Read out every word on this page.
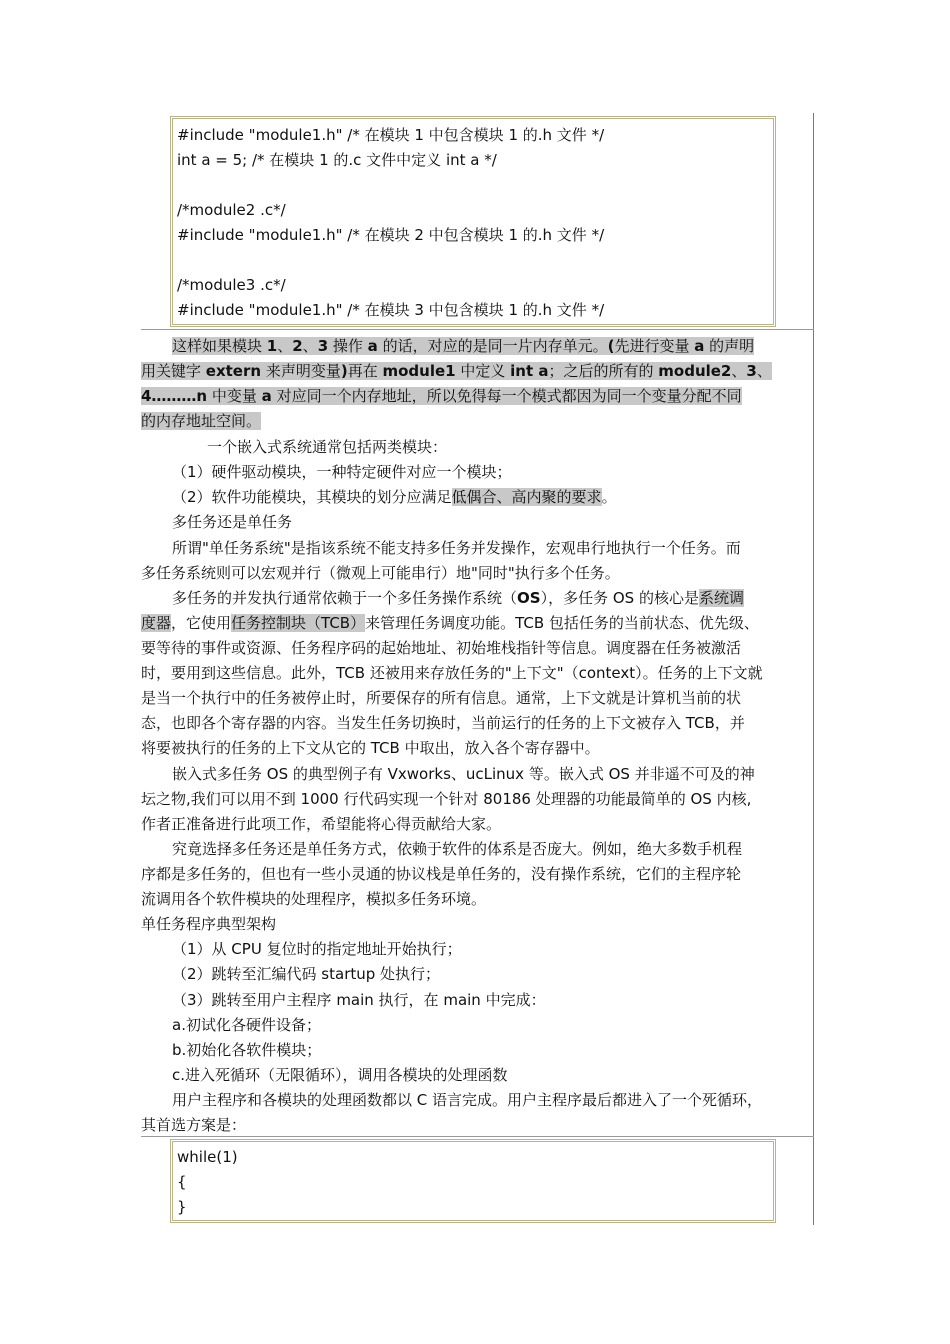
#include "module1.h" /* 在模块 1 中包含模块 1 的.h 文件 */
int a = 5; /* 在模块 1 的.c 文件中定义 int a */
/*module2 .c*/
#include "module1.h" /* 在模块 2 中包含模块 1 的.h 文件 */
/*module3 .c*/
#include "module1.h" /* 在模块 3 中包含模块 1 的.h 文件 */
这样如果模块 1、2、3 操作 a 的话，对应的是同一片内存单元。(先进行变量 a 的声明
用关键字 extern 来声明变量)再在 module1 中定义 int a；之后的所有的 module2、3、
4………n 中变量 a 对应同一个内存地址，所以免得每一个模式都因为同一个变量分配不同
的内存地址空间。
一个嵌入式系统通常包括两类模块：
（1）硬件驱动模块，一种特定硬件对应一个模块；
（2）软件功能模块，其模块的划分应满足低偶合、高内聚的要求。
多任务还是单任务
所谓"单任务系统"是指该系统不能支持多任务并发操作，宏观串行地执行一个任务。而
多任务系统则可以宏观并行（微观上可能串行）地"同时"执行多个任务。
多任务的并发执行通常依赖于一个多任务操作系统（OS），多任务 OS 的核心是系统调
度器，它使用任务控制块（TCB）来管理任务调度功能。TCB 包括任务的当前状态、优先级、
要等待的事件或资源、任务程序码的起始地址、初始堆栈指针等信息。调度器在任务被激活
时，要用到这些信息。此外，TCB 还被用来存放任务的"上下文"（context）。任务的上下文就
是当一个执行中的任务被停止时，所要保存的所有信息。通常，上下文就是计算机当前的状
态，也即各个寄存器的内容。当发生任务切换时，当前运行的任务的上下文被存入 TCB，并
将要被执行的任务的上下文从它的 TCB 中取出，放入各个寄存器中。
嵌入式多任务 OS 的典型例子有 Vxworks、ucLinux 等。嵌入式 OS 并非遥不可及的神
坛之物,我们可以用不到 1000 行代码实现一个针对 80186 处理器的功能最简单的 OS 内核,
作者正准备进行此项工作，希望能将心得贡献给大家。
究竟选择多任务还是单任务方式，依赖于软件的体系是否庞大。例如，绝大多数手机程
序都是多任务的，但也有一些小灵通的协议栈是单任务的，没有操作系统，它们的主程序轮
流调用各个软件模块的处理程序，模拟多任务环境。
单任务程序典型架构
（1）从 CPU 复位时的指定地址开始执行；
（2）跳转至汇编代码 startup 处执行；
（3）跳转至用户主程序 main 执行，在 main 中完成：
a.初试化各硬件设备；
b.初始化各软件模块；
c.进入死循环（无限循环），调用各模块的处理函数
用户主程序和各模块的处理函数都以 C 语言完成。用户主程序最后都进入了一个死循环，
其首选方案是：
while(1)
{
}
